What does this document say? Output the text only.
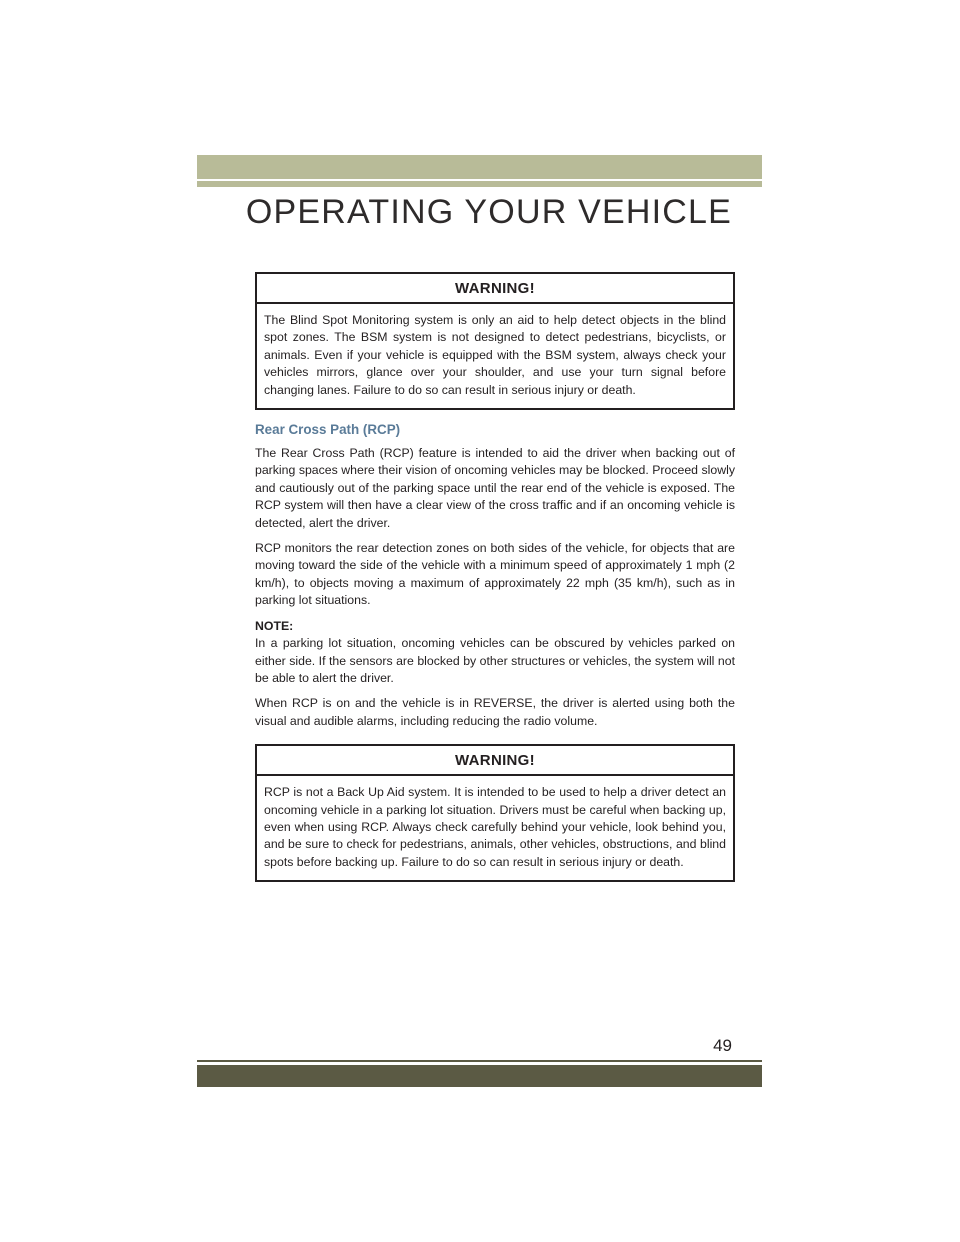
OPERATING YOUR VEHICLE
WARNING!
The Blind Spot Monitoring system is only an aid to help detect objects in the blind spot zones. The BSM system is not designed to detect pedestrians, bicyclists, or animals. Even if your vehicle is equipped with the BSM system, always check your vehicles mirrors, glance over your shoulder, and use your turn signal before changing lanes. Failure to do so can result in serious injury or death.
Rear Cross Path (RCP)

The Rear Cross Path (RCP) feature is intended to aid the driver when backing out of parking spaces where their vision of oncoming vehicles may be blocked. Proceed slowly and cautiously out of the parking space until the rear end of the vehicle is exposed. The RCP system will then have a clear view of the cross traffic and if an oncoming vehicle is detected, alert the driver.

RCP monitors the rear detection zones on both sides of the vehicle, for objects that are moving toward the side of the vehicle with a minimum speed of approximately 1 mph (2 km/h), to objects moving a maximum of approximately 22 mph (35 km/h), such as in parking lot situations.

NOTE:

In a parking lot situation, oncoming vehicles can be obscured by vehicles parked on either side. If the sensors are blocked by other structures or vehicles, the system will not be able to alert the driver.

When RCP is on and the vehicle is in REVERSE, the driver is alerted using both the visual and audible alarms, including reducing the radio volume.

WARNING!
RCP is not a Back Up Aid system. It is intended to be used to help a driver detect an oncoming vehicle in a parking lot situation. Drivers must be careful when backing up, even when using RCP. Always check carefully behind your vehicle, look behind you, and be sure to check for pedestrians, animals, other vehicles, obstructions, and blind spots before backing up. Failure to do so can result in serious injury or death.
49
